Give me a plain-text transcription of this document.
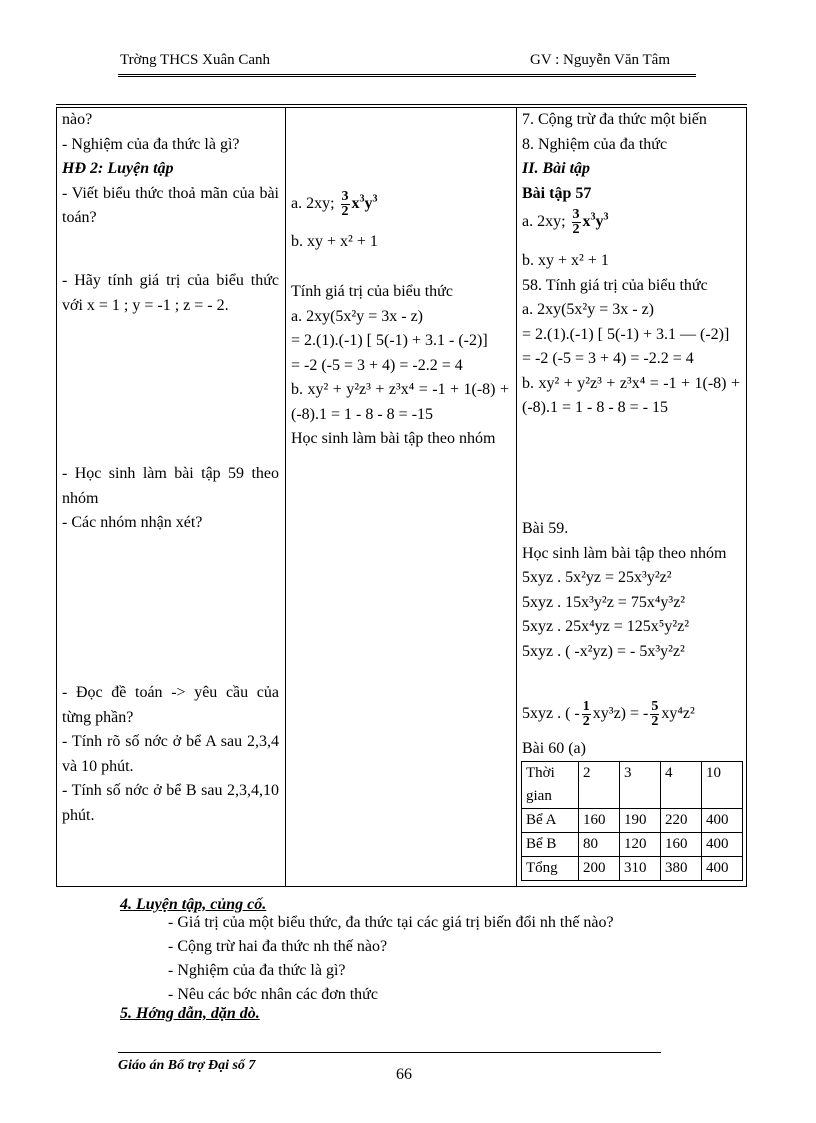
Trờng THCS Xuân Canh	GV : Nguyễn Văn Tâm
nào?
- Nghiệm của đa thức là gì?
HĐ 2: Luyện tập
- Viết biểu thức thoả mãn của bài toán?
- Hãy tính giá trị của biểu thức với x = 1 ; y = -1 ; z = - 2.
- Học sinh làm bài tập 59 theo nhóm
- Các nhóm nhận xét?
- Đọc đề toán -> yêu cầu của từng phần?
- Tính rõ số nớc ở bể A sau 2,3,4 và 10 phút.
- Tính số nớc ở bể B sau 2,3,4,10 phút.
a. 2xy; $\frac{3}{2} x^3y^3$
b. xy + x² + 1
Tính giá trị của biểu thức
a. 2xy(5x²y = 3x - z)
= 2.(1).(-1) [ 5(-1) + 3.1 - (-2)]
= -2 (-5 = 3 + 4) = -2.2 = 4
b. xy² + y²z³ + z³x⁴ = -1 + 1(-8) + (-8).1 = 1 - 8 - 8 = -15
Học sinh làm bài tập theo nhóm
7. Cộng trừ đa thức một biến
8. Nghiệm của đa thức
II. Bài tập
Bài tập 57
a. 2xy; $\frac{3}{2} x^3y^3$
b. xy + x² + 1
58. Tính giá trị của biểu thức
a. 2xy(5x²y = 3x - z)
= 2.(1).(-1) [ 5(-1) + 3.1 — (-2)]
= -2 (-5 = 3 + 4) = -2.2 = 4
b. xy² + y²z³ + z³x⁴ = -1 + 1(-8) + (-8).1 = 1 - 8 - 8 = - 15
Bài 59.
Học sinh làm bài tập theo nhóm
5xyz . 5x²yz = 25x³y²z²
5xyz . 15x³y²z = 75x⁴y³z²
5xyz . 25x⁴yz = 125x⁵y²z²
5xyz . ( -x²yz) = - 5x³y²z²
5xyz . ( - $\frac{1}{2} xy^3z$) = - $\frac{5}{2} xy^4z^2$
Bài 60 (a)
Thời gian	2	3	4	10
Bể A	160	190	220	400
Bể B	80	120	160	400
Tổng	200	310	380	400
4. Luyện tập, củng cố.
- Giá trị của một biểu thức, đa thức tại các giá trị biến đổi nh thế nào?
- Cộng trừ hai đa thức nh thế nào?
- Nghiệm của đa thức là gì?
- Nêu các bớc nhân các đơn thức
5. Hớng dẫn, dặn dò.
Giáo án Bổ trợ Đại số 7
66
